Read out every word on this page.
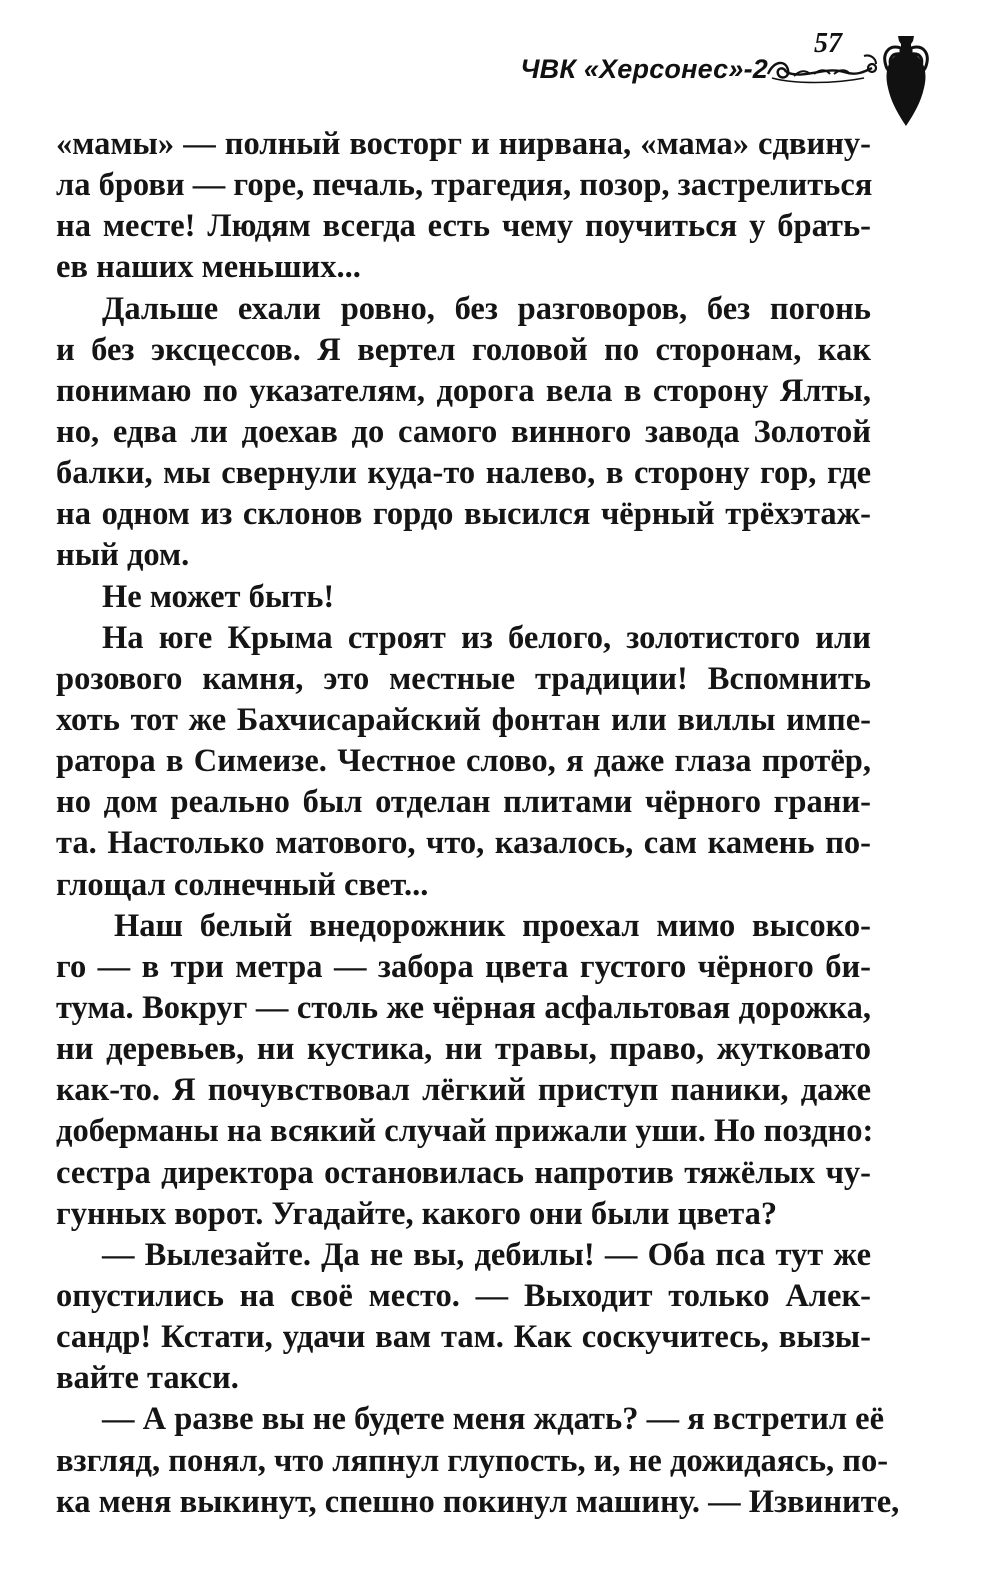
ЧВК «Херсонес»-2
57
«мамы» — полный восторг и нирвана, «мама» сдвину-
ла брови — горе, печаль, трагедия, позор, застрелиться
на месте! Людям всегда есть чему поучиться у брать-
ев наших меньших...
Дальше ехали ровно, без разговоров, без погонь
и без эксцессов. Я вертел головой по сторонам, как
понимаю по указателям, дорога вела в сторону Ялты,
но, едва ли доехав до самого винного завода Золотой
балки, мы свернули куда-то налево, в сторону гор, где
на одном из склонов гордо высился чёрный трёхэтаж-
ный дом.
Не может быть!
На юге Крыма строят из белого, золотистого или
розового камня, это местные традиции! Вспомнить
хоть тот же Бахчисарайский фонтан или виллы импе-
ратора в Симеизе. Честное слово, я даже глаза протёр,
но дом реально был отделан плитами чёрного грани-
та. Настолько матового, что, казалось, сам камень по-
глощал солнечный свет...
Наш белый внедорожник проехал мимо высоко-
го — в три метра — забора цвета густого чёрного би-
тума. Вокруг — столь же чёрная асфальтовая дорожка,
ни деревьев, ни кустика, ни травы, право, жутковато
как-то. Я почувствовал лёгкий приступ паники, даже
доберманы на всякий случай прижали уши. Но поздно:
сестра директора остановилась напротив тяжёлых чу-
гунных ворот. Угадайте, какого они были цвета?
— Вылезайте. Да не вы, дебилы! — Оба пса тут же
опустились на своё место. — Выходит только Алек-
сандр! Кстати, удачи вам там. Как соскучитесь, вызы-
вайте такси.
— А разве вы не будете меня ждать? — я встретил её
взгляд, понял, что ляпнул глупость, и, не дожидаясь, по-
ка меня выкинут, спешно покинул машину. — Извините,
